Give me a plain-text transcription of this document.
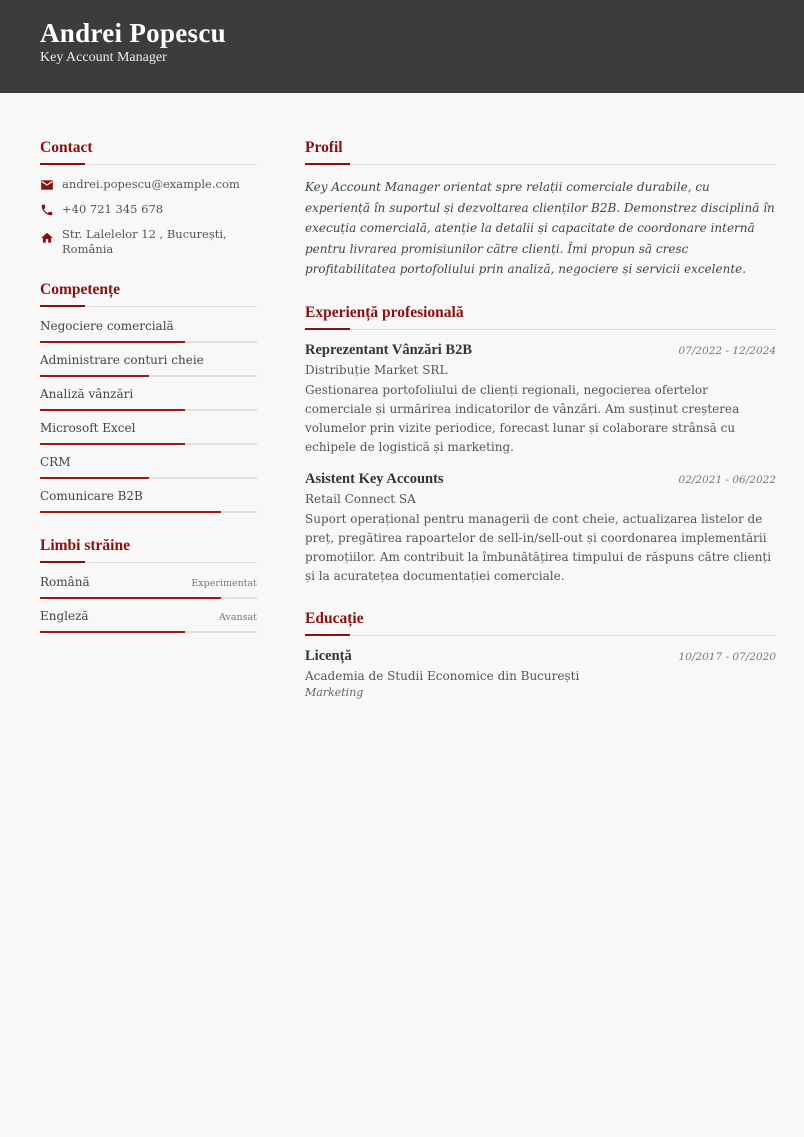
Andrei Popescu
Key Account Manager
Contact
andrei.popescu@example.com
+40 721 345 678
Str. Lalelelor 12 , București, România
Competențe
Negociere comercială
Administrare conturi cheie
Analiză vânzări
Microsoft Excel
CRM
Comunicare B2B
Limbi străine
Română	Experimentat
Engleză	Avansat
Profil

Key Account Manager orientat spre relații comerciale durabile, cu experiență în suportul și dezvoltarea clienților B2B. Demonstrez disciplină în execuția comercială, atenție la detalii și capacitate de coordonare internă pentru livrarea promisiunilor către clienți. Îmi propun să cresc profitabilitatea portofoliului prin analiză, negociere și servicii excelente.

Experiență profesională
Reprezentant Vânzări B2B	07/2022 - 12/2024
Distribuție Market SRL
Gestionarea portofoliului de clienți regionali, negocierea ofertelor comerciale și urmărirea indicatorilor de vânzări. Am susținut creșterea volumelor prin vizite periodice, forecast lunar și colaborare strânsă cu echipele de logistică și marketing.
Asistent Key Accounts	02/2021 - 06/2022
Retail Connect SA
Suport operațional pentru managerii de cont cheie, actualizarea listelor de preț, pregătirea rapoartelor de sell-in/sell-out și coordonarea implementării promoțiilor. Am contribuit la îmbunătățirea timpului de răspuns către clienți și la acuratețea documentației comerciale.
Educație
Licență	10/2017 - 07/2020
Academia de Studii Economice din București
Marketing
